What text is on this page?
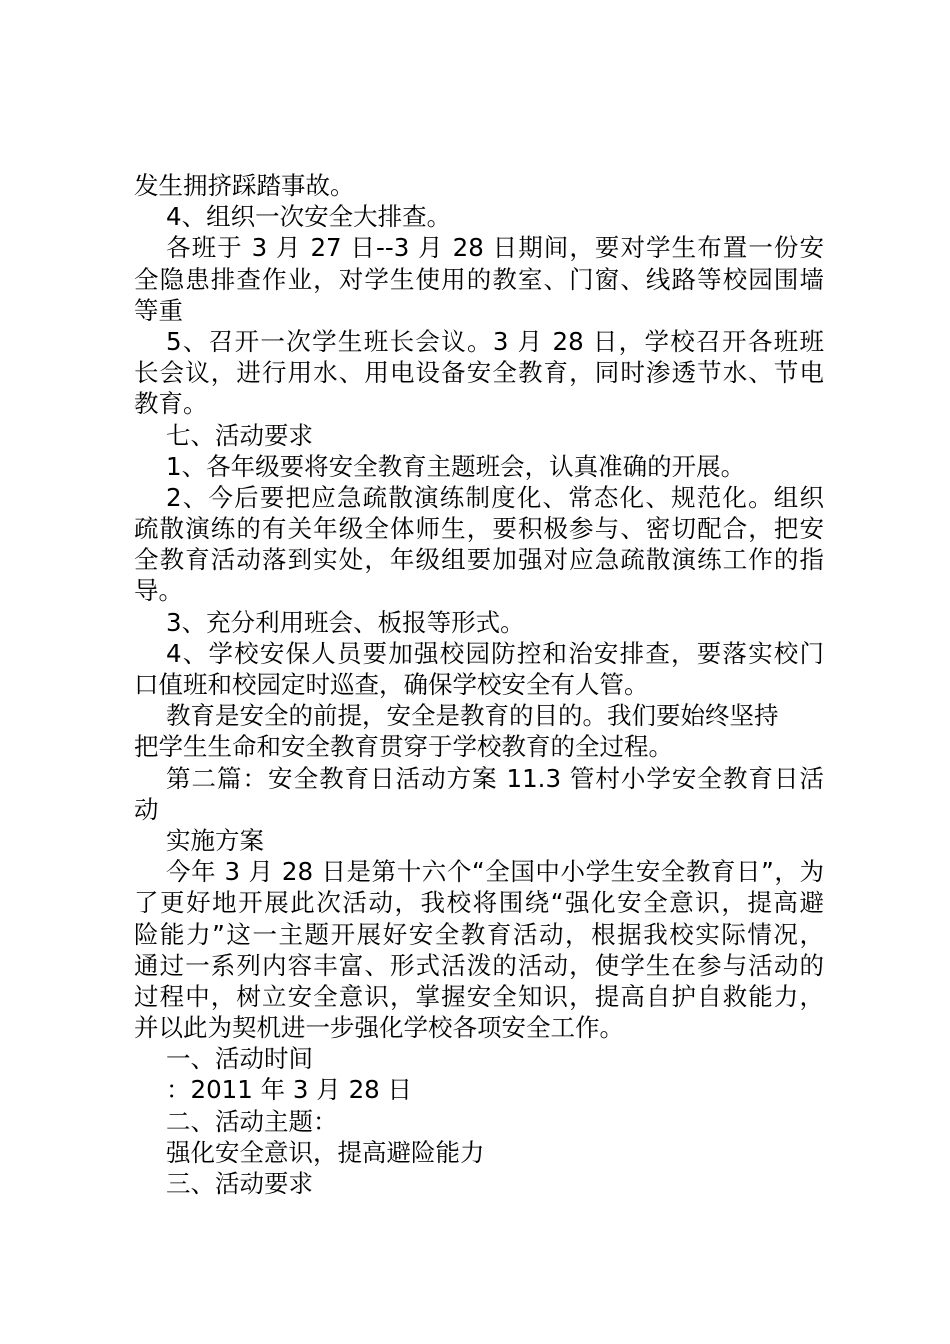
发生拥挤踩踏事故。
4、组织一次安全大排查。
各班于 3 月 27 日--3 月 28 日期间，要对学生布置一份安
全隐患排查作业，对学生使用的教室、门窗、线路等校园围墙
等重
5、召开一次学生班长会议。3 月 28 日，学校召开各班班
长会议，进行用水、用电设备安全教育，同时渗透节水、节电
教育。
七、活动要求
1、各年级要将安全教育主题班会，认真准确的开展。
2、今后要把应急疏散演练制度化、常态化、规范化。组织
疏散演练的有关年级全体师生，要积极参与、密切配合，把安
全教育活动落到实处，年级组要加强对应急疏散演练工作的指
导。
3、充分利用班会、板报等形式。
4、学校安保人员要加强校园防控和治安排查，要落实校门
口值班和校园定时巡查，确保学校安全有人管。
教育是安全的前提，安全是教育的目的。我们要始终坚持
把学生生命和安全教育贯穿于学校教育的全过程。
第二篇：安全教育日活动方案 11.3 管村小学安全教育日活
动
实施方案
今年 3 月 28 日是第十六个“全国中小学生安全教育日”，为
了更好地开展此次活动，我校将围绕“强化安全意识，提高避
险能力”这一主题开展好安全教育活动，根据我校实际情况，
通过一系列内容丰富、形式活泼的活动，使学生在参与活动的
过程中，树立安全意识，掌握安全知识，提高自护自救能力，
并以此为契机进一步强化学校各项安全工作。
一、活动时间
：2011 年 3 月 28 日
二、活动主题：
强化安全意识，提高避险能力
三、活动要求
